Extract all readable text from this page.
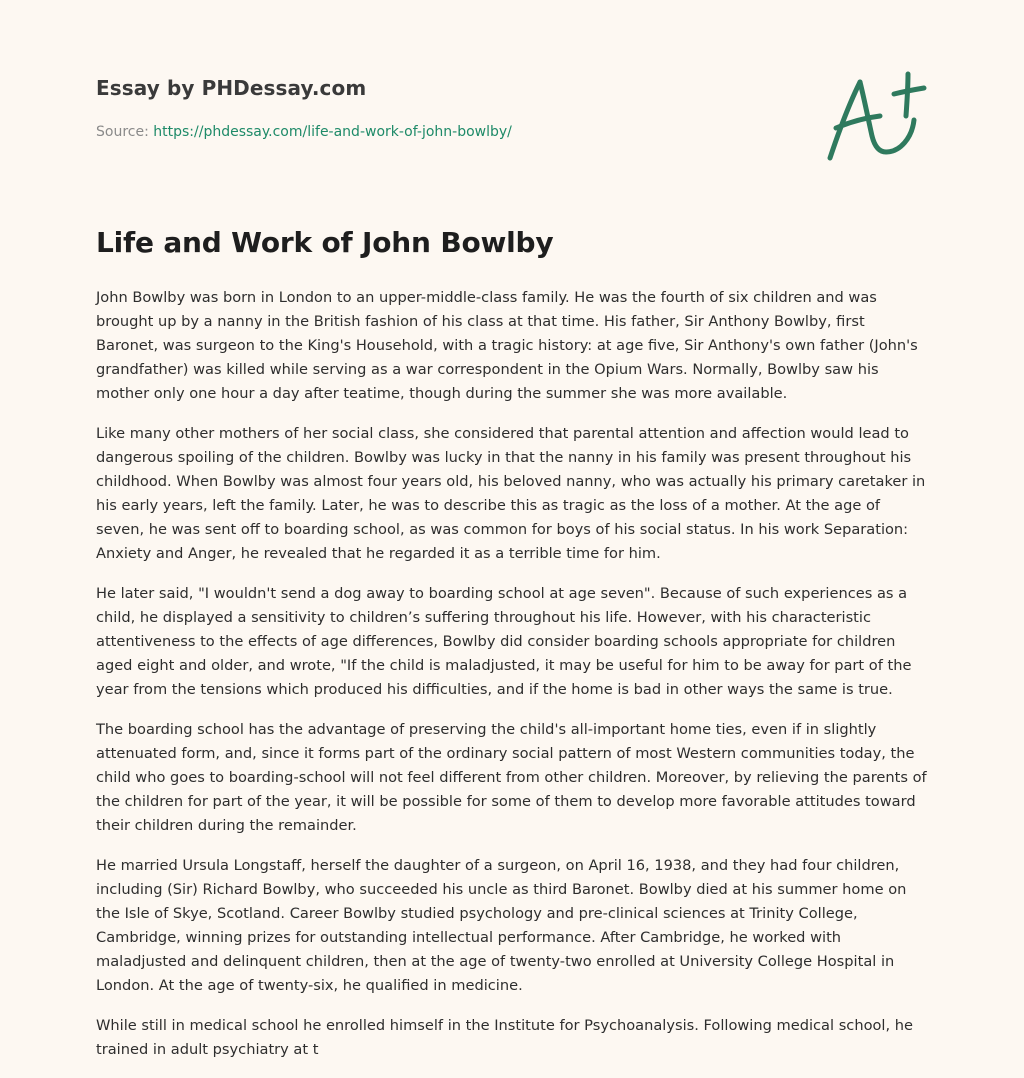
Essay by PHDessay.com
Source: https://phdessay.com/life-and-work-of-john-bowlby/
Life and Work of John Bowlby

John Bowlby was born in London to an upper-middle-class family. He was the fourth of six children and was brought up by a nanny in the British fashion of his class at that time. His father, Sir Anthony Bowlby, first Baronet, was surgeon to the King's Household, with a tragic history: at age five, Sir Anthony's own father (John's grandfather) was killed while serving as a war correspondent in the Opium Wars. Normally, Bowlby saw his mother only one hour a day after teatime, though during the summer she was more available.

Like many other mothers of her social class, she considered that parental attention and affection would lead to dangerous spoiling of the children. Bowlby was lucky in that the nanny in his family was present throughout his childhood. When Bowlby was almost four years old, his beloved nanny, who was actually his primary caretaker in his early years, left the family. Later, he was to describe this as tragic as the loss of a mother. At the age of seven, he was sent off to boarding school, as was common for boys of his social status. In his work Separation: Anxiety and Anger, he revealed that he regarded it as a terrible time for him.

He later said, "I wouldn't send a dog away to boarding school at age seven". Because of such experiences as a child, he displayed a sensitivity to children’s suffering throughout his life. However, with his characteristic attentiveness to the effects of age differences, Bowlby did consider boarding schools appropriate for children aged eight and older, and wrote, "If the child is maladjusted, it may be useful for him to be away for part of the year from the tensions which produced his difficulties, and if the home is bad in other ways the same is true.

The boarding school has the advantage of preserving the child's all-important home ties, even if in slightly attenuated form, and, since it forms part of the ordinary social pattern of most Western communities today, the child who goes to boarding-school will not feel different from other children. Moreover, by relieving the parents of the children for part of the year, it will be possible for some of them to develop more favorable attitudes toward their children during the remainder.

He married Ursula Longstaff, herself the daughter of a surgeon, on April 16, 1938, and they had four children, including (Sir) Richard Bowlby, who succeeded his uncle as third Baronet. Bowlby died at his summer home on the Isle of Skye, Scotland. Career Bowlby studied psychology and pre-clinical sciences at Trinity College, Cambridge, winning prizes for outstanding intellectual performance. After Cambridge, he worked with maladjusted and delinquent children, then at the age of twenty-two enrolled at University College Hospital in London. At the age of twenty-six, he qualified in medicine.

While still in medical school he enrolled himself in the Institute for Psychoanalysis. Following medical school, he trained in adult psychiatry at t
